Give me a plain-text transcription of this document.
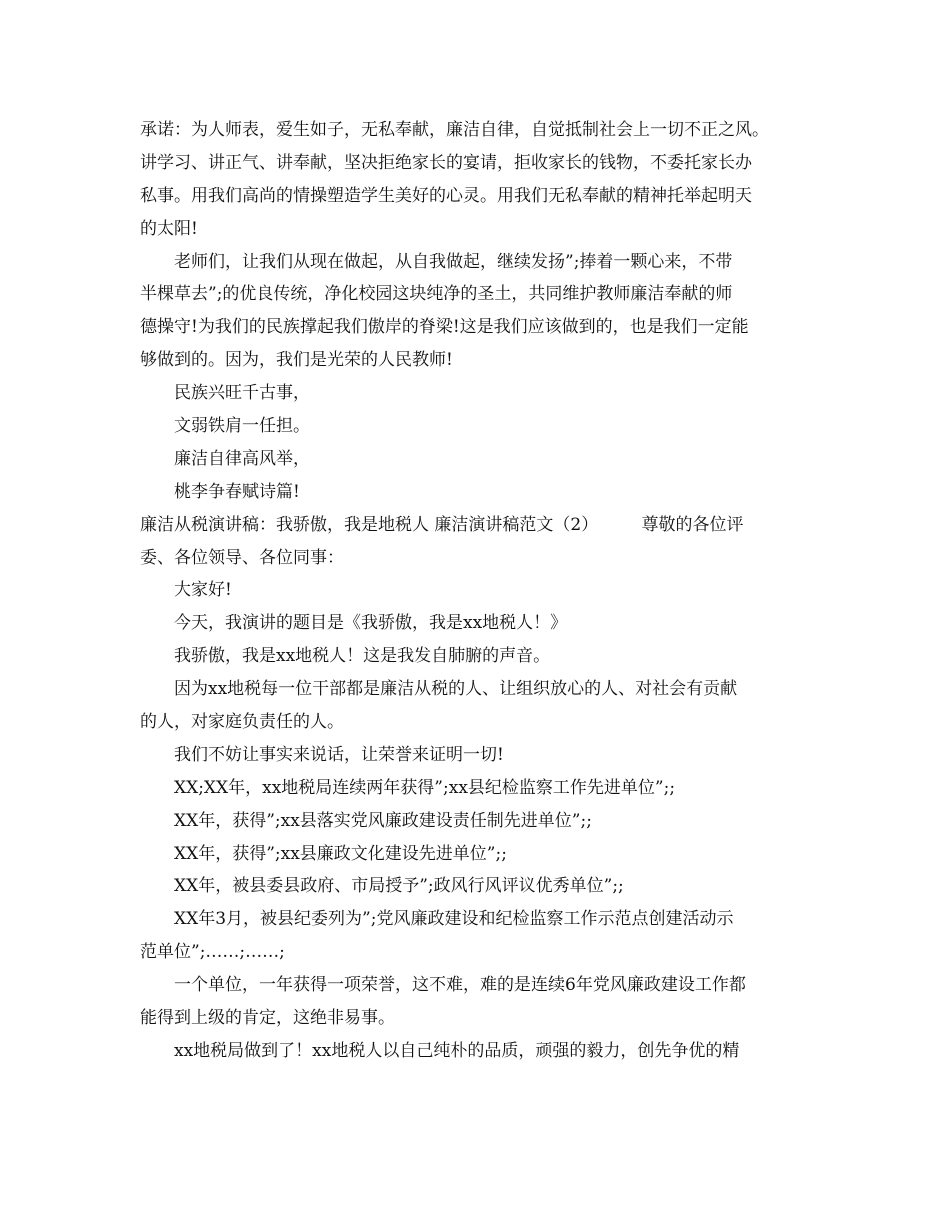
承诺：为人师表，爱生如子，无私奉献，廉洁自律，自觉抵制社会上一切不正之风。
讲学习、讲正气、讲奉献，坚决拒绝家长的宴请，拒收家长的钱物，不委托家长办
私事。用我们高尚的情操塑造学生美好的心灵。用我们无私奉献的精神托举起明天
的太阳!
老师们，让我们从现在做起，从自我做起，继续发扬”;捧着一颗心来，不带
半棵草去”;的优良传统，净化校园这块纯净的圣土，共同维护教师廉洁奉献的师
德操守!为我们的民族撑起我们傲岸的脊梁!这是我们应该做到的，也是我们一定能
够做到的。因为，我们是光荣的人民教师!
民族兴旺千古事，
文弱铁肩一任担。
廉洁自律高风举，
桃李争春赋诗篇!
廉洁从税演讲稿：我骄傲，我是地税人 廉洁演讲稿范文（2）        尊敬的各位评
委、各位领导、各位同事：
大家好!
今天，我演讲的题目是《我骄傲，我是xx地税人！》
我骄傲，我是xx地税人！这是我发自肺腑的声音。
因为xx地税每一位干部都是廉洁从税的人、让组织放心的人、对社会有贡献
的人，对家庭负责任的人。
我们不妨让事实来说话，让荣誉来证明一切!
XX;XX年，xx地税局连续两年获得”;xx县纪检监察工作先进单位”;;
XX年，获得”;xx县落实党风廉政建设责任制先进单位”;;
XX年，获得”;xx县廉政文化建设先进单位”;;
XX年，被县委县政府、市局授予”;政风行风评议优秀单位”;;
XX年3月，被县纪委列为”;党风廉政建设和纪检监察工作示范点创建活动示
范单位”;……;……;
一个单位，一年获得一项荣誉，这不难，难的是连续6年党风廉政建设工作都
能得到上级的肯定，这绝非易事。
xx地税局做到了！xx地税人以自己纯朴的品质，顽强的毅力，创先争优的精
